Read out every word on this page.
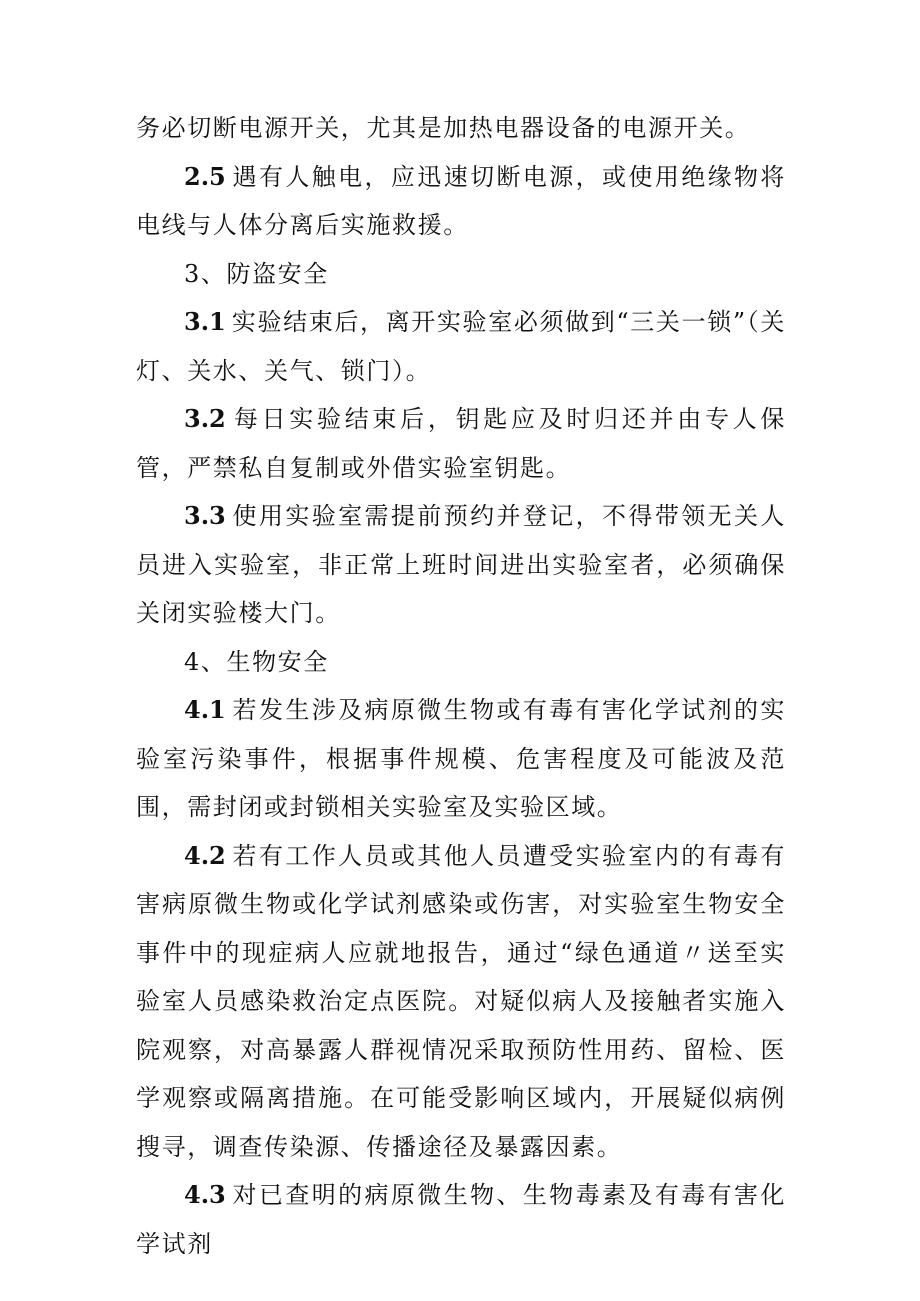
务必切断电源开关，尤其是加热电器设备的电源开关。

2.5 遇有人触电，应迅速切断电源，或使用绝缘物将电线与人体分离后实施救援。

3、防盗安全

3.1 实验结束后，离开实验室必须做到“三关一锁”（关灯、关水、关气、锁门）。

3.2 每日实验结束后，钥匙应及时归还并由专人保管，严禁私自复制或外借实验室钥匙。

3.3 使用实验室需提前预约并登记，不得带领无关人员进入实验室，非正常上班时间进出实验室者，必须确保关闭实验楼大门。

4、生物安全

4.1 若发生涉及病原微生物或有毒有害化学试剂的实验室污染事件，根据事件规模、危害程度及可能波及范围，需封闭或封锁相关实验室及实验区域。

4.2 若有工作人员或其他人员遭受实验室内的有毒有害病原微生物或化学试剂感染或伤害，对实验室生物安全事件中的现症病人应就地报告，通过“绿色通道〃送至实验室人员感染救治定点医院。对疑似病人及接触者实施入院观察，对高暴露人群视情况采取预防性用药、留检、医学观察或隔离措施。在可能受影响区域内，开展疑似病例搜寻，调查传染源、传播途径及暴露因素。

4.3 对已查明的病原微生物、生物毒素及有毒有害化学试剂
